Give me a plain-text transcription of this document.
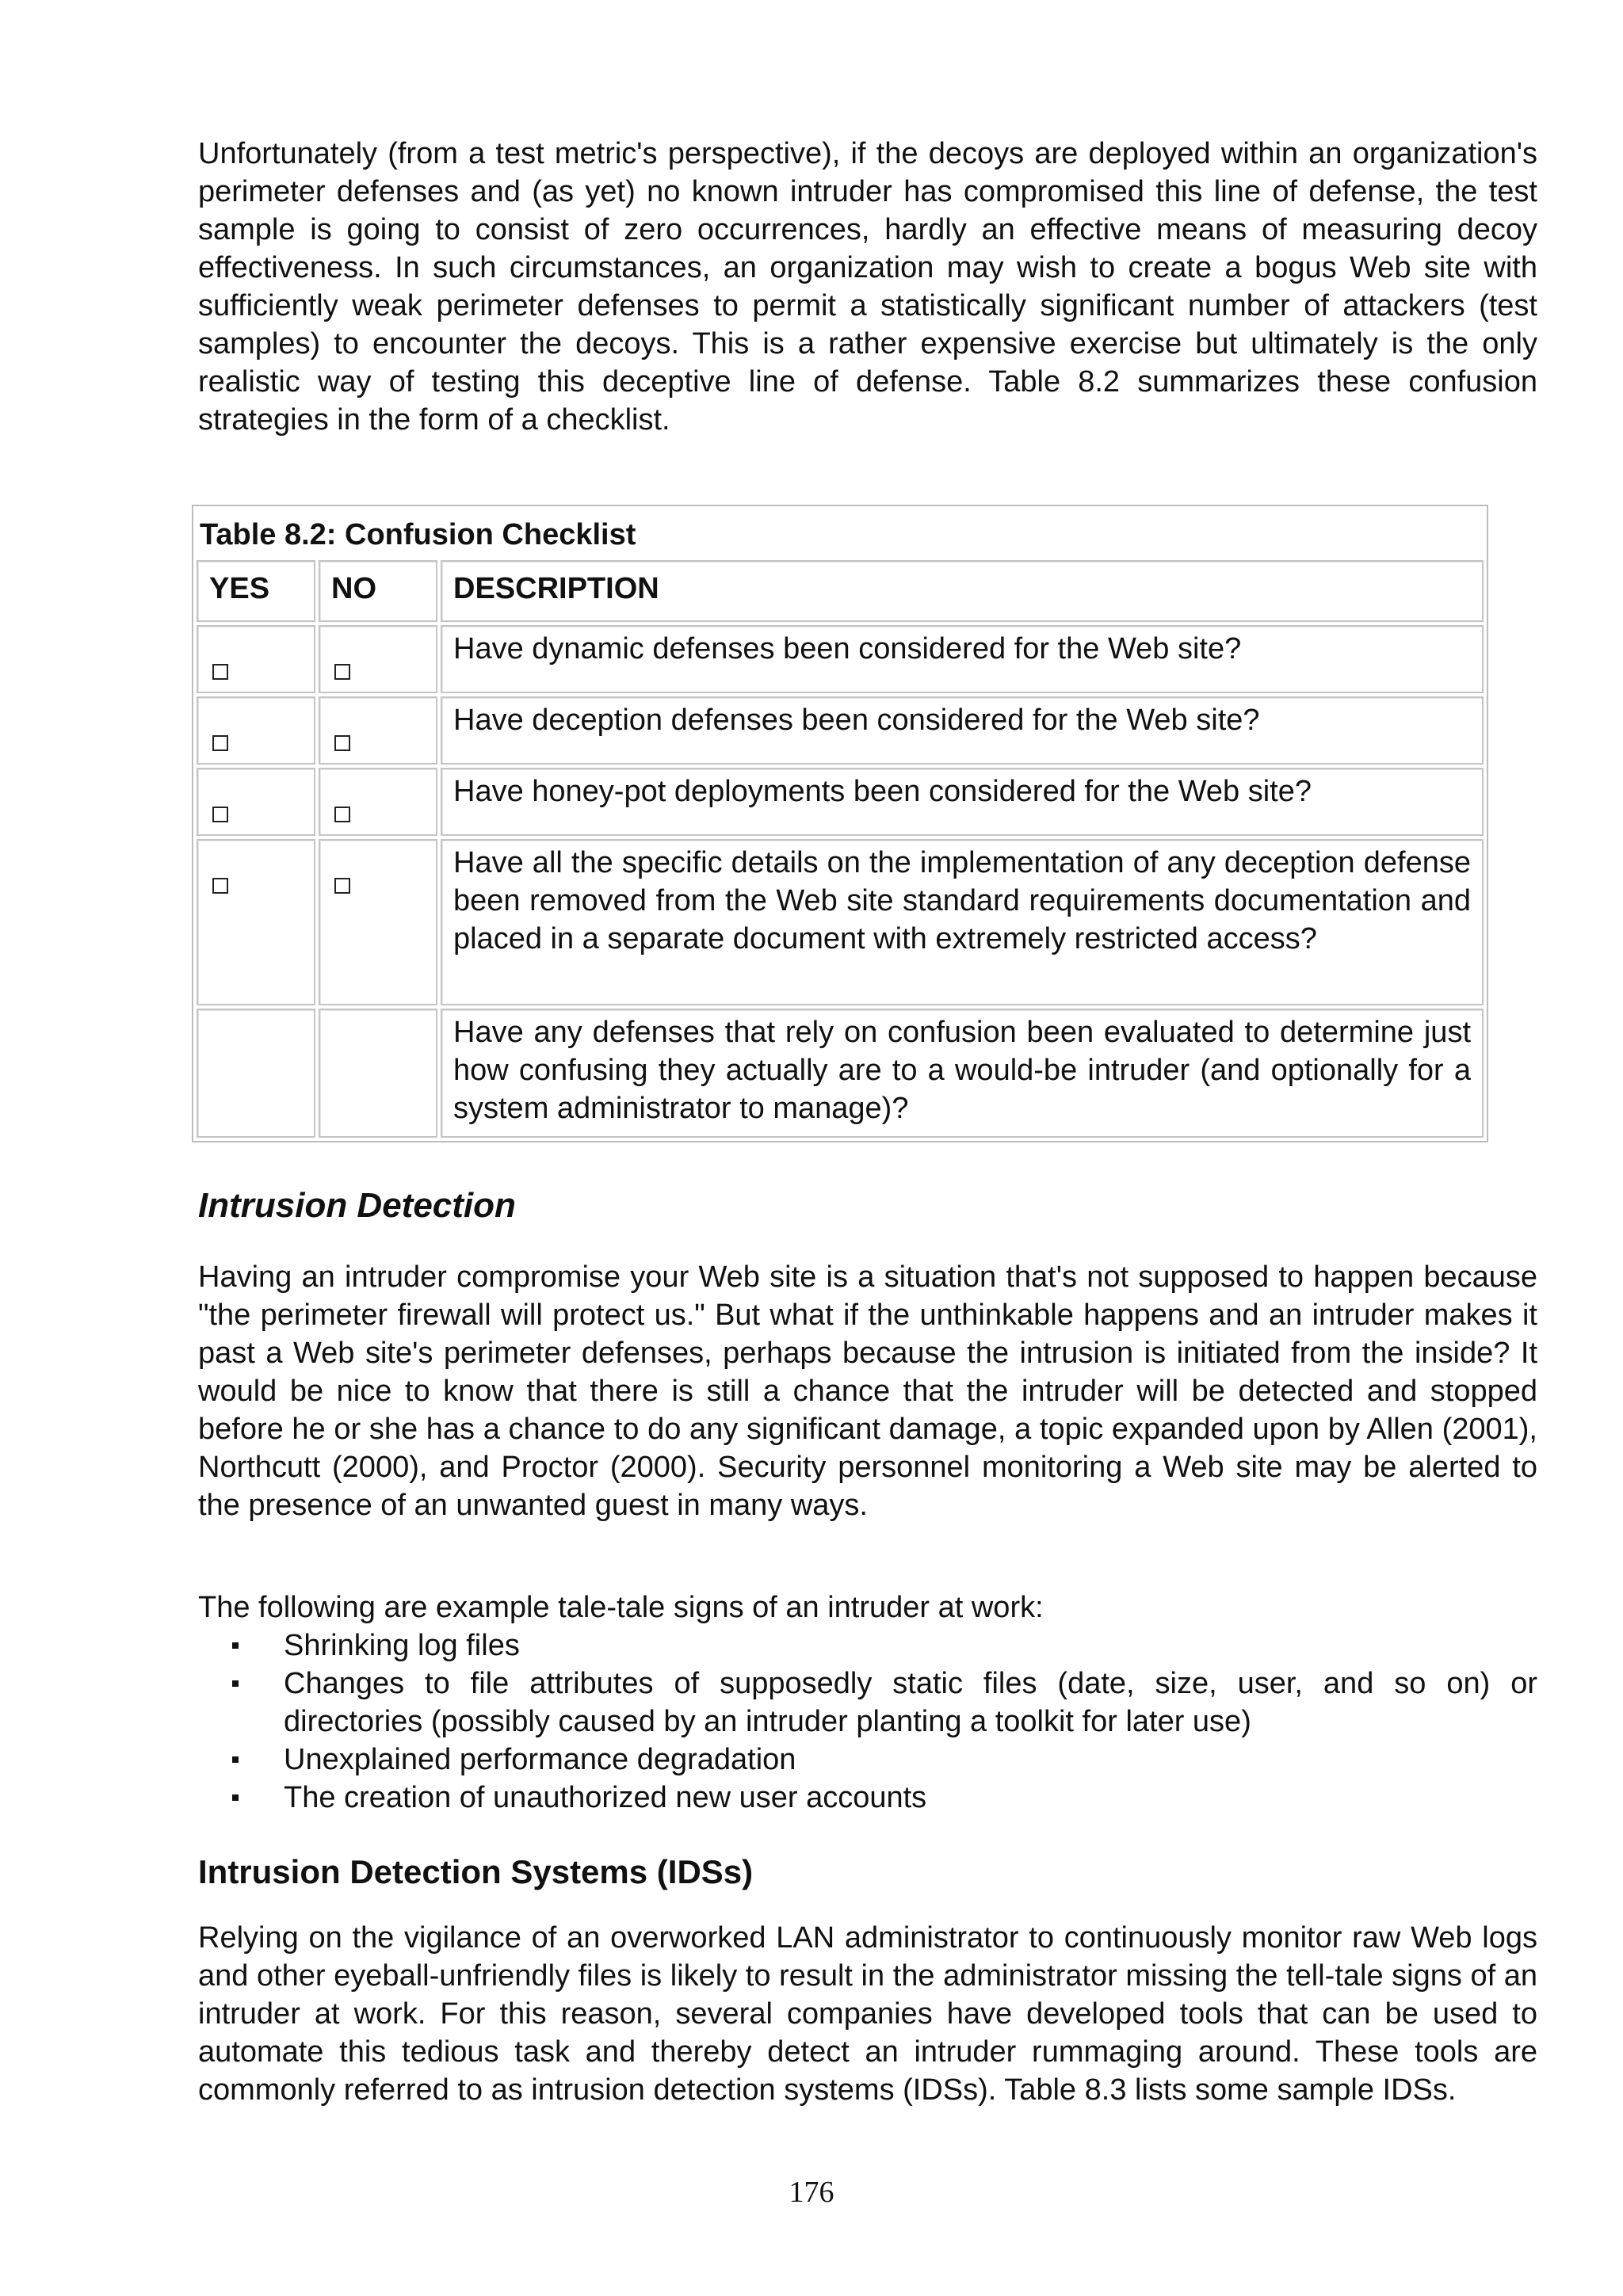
Unfortunately (from a test metric's perspective), if the decoys are deployed within an organization's perimeter defenses and (as yet) no known intruder has compromised this line of defense, the test sample is going to consist of zero occurrences, hardly an effective means of measuring decoy effectiveness. In such circumstances, an organization may wish to create a bogus Web site with sufficiently weak perimeter defenses to permit a statistically significant number of attackers (test samples) to encounter the decoys. This is a rather expensive exercise but ultimately is the only realistic way of testing this deceptive line of defense. Table 8.2 summarizes these confusion strategies in the form of a checklist.

Table 8.2: Confusion Checklist
YES	NO	DESCRIPTION
Have dynamic defenses been considered for the Web site?
Have deception defenses been considered for the Web site?
Have honey-pot deployments been considered for the Web site?
Have all the specific details on the implementation of any deception defense been removed from the Web site standard requirements documentation and placed in a separate document with extremely restricted access?
Have any defenses that rely on confusion been evaluated to determine just how confusing they actually are to a would-be intruder (and optionally for a system administrator to manage)?
Intrusion Detection

Having an intruder compromise your Web site is a situation that's not supposed to happen because "the perimeter firewall will protect us." But what if the unthinkable happens and an intruder makes it past a Web site's perimeter defenses, perhaps because the intrusion is initiated from the inside? It would be nice to know that there is still a chance that the intruder will be detected and stopped before he or she has a chance to do any significant damage, a topic expanded upon by Allen (2001), Northcutt (2000), and Proctor (2000). Security personnel monitoring a Web site may be alerted to the presence of an unwanted guest in many ways.

The following are example tale-tale signs of an intruder at work:

Shrinking log files
Changes to file attributes of supposedly static files (date, size, user, and so on) or
directories (possibly caused by an intruder planting a toolkit for later use)
Unexplained performance degradation
The creation of unauthorized new user accounts
Intrusion Detection Systems (IDSs)

Relying on the vigilance of an overworked LAN administrator to continuously monitor raw Web logs and other eyeball-unfriendly files is likely to result in the administrator missing the tell-tale signs of an intruder at work. For this reason, several companies have developed tools that can be used to automate this tedious task and thereby detect an intruder rummaging around. These tools are commonly referred to as intrusion detection systems (IDSs). Table 8.3 lists some sample IDSs.

176
